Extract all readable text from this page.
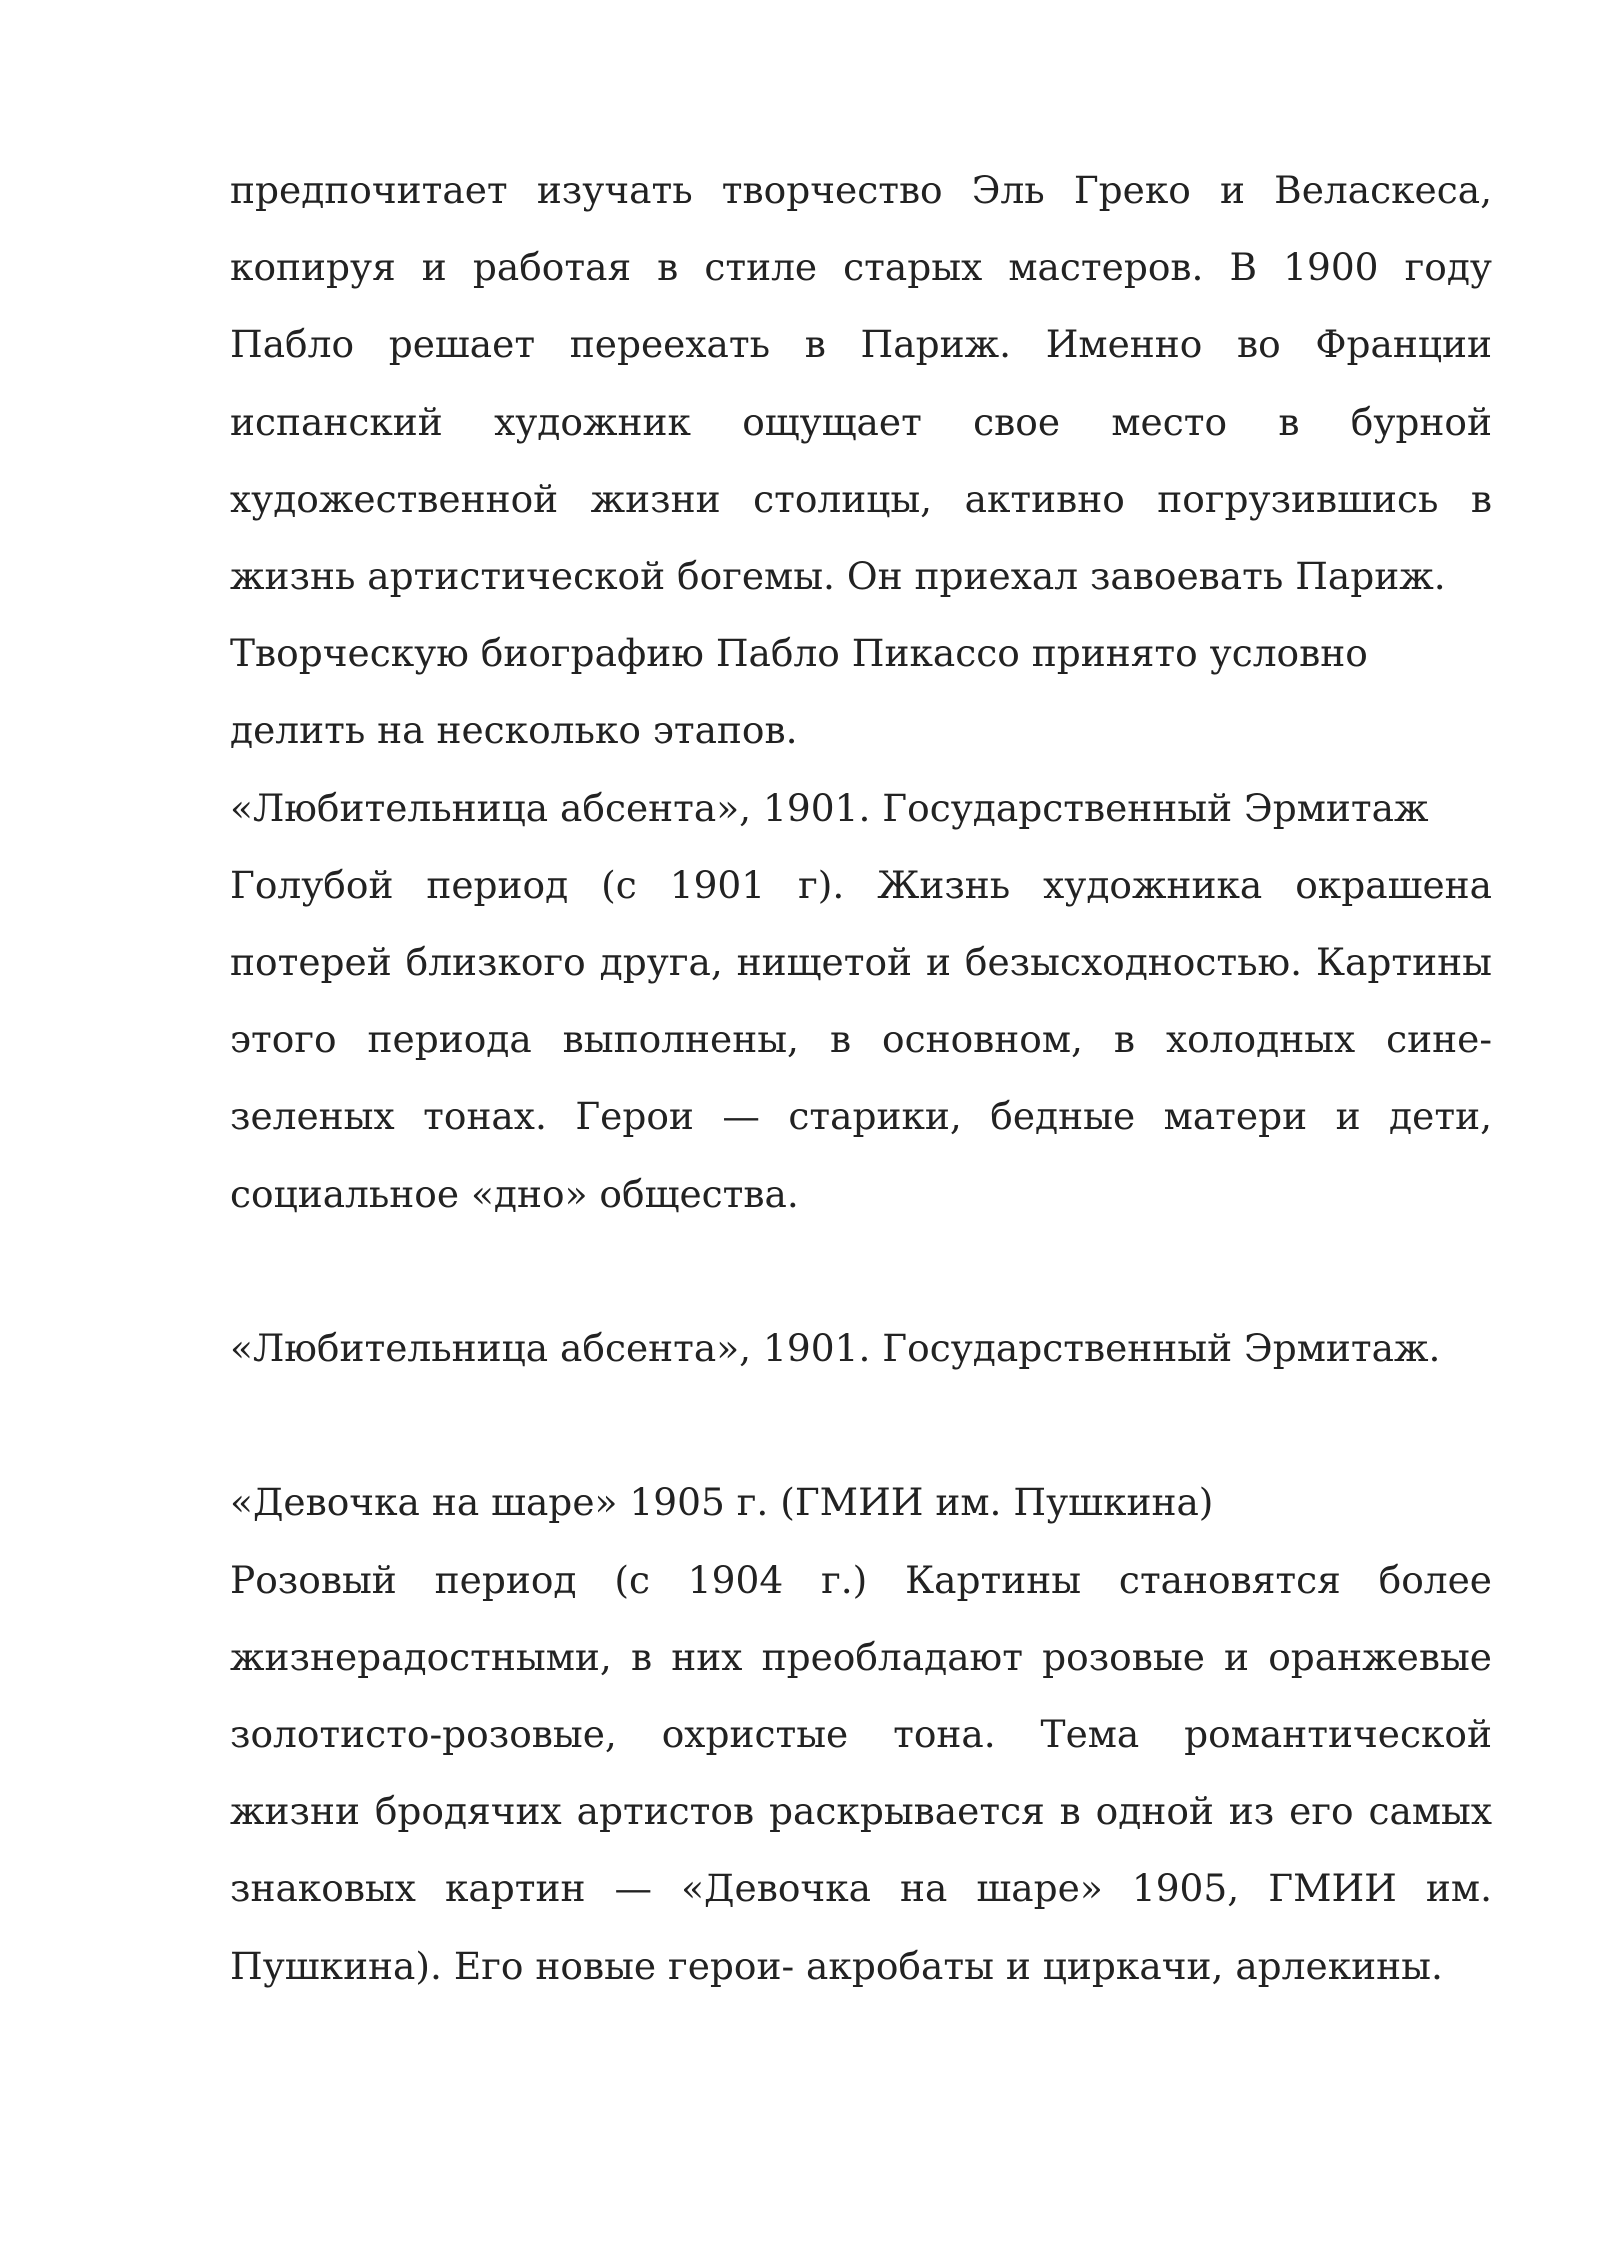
предпочитает изучать творчество Эль Греко и Веласкеса, копируя и работая в стиле старых мастеров. В 1900 году Пабло решает переехать в Париж. Именно во Франции испанский художник ощущает свое место в бурной художественной жизни столицы, активно погрузившись в жизнь артистической богемы. Он приехал завоевать Париж.

Творческую биографию Пабло Пикассо принято условно делить на несколько этапов.

«Любительница абсента», 1901. Государственный Эрмитаж

Голубой период (с 1901 г). Жизнь художника окрашена потерей близкого друга, нищетой и безысходностью. Картины этого периода выполнены, в основном, в холодных сине-зеленых тонах. Герои — старики, бедные матери и дети, социальное «дно» общества.

«Любительница абсента», 1901. Государственный Эрмитаж.

«Девочка на шаре» 1905 г. (ГМИИ им. Пушкина)

Розовый период (с 1904 г.) Картины становятся более жизнерадостными, в них преобладают розовые и оранжевые золотисто-розовые, охристые тона. Тема романтической жизни бродячих артистов раскрывается в одной из его самых знаковых картин — «Девочка на шаре» 1905, ГМИИ им. Пушкина). Его новые герои- акробаты и циркачи, арлекины.
